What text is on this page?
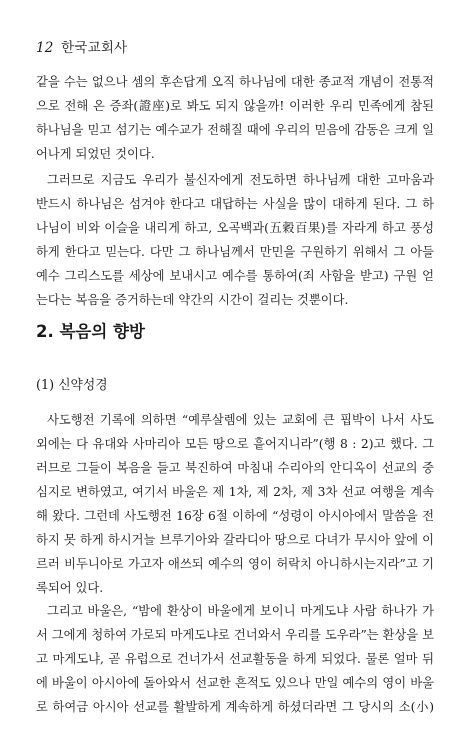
12 한국교회사
같을 수는 없으나 셈의 후손답게 오직 하나님에 대한 종교적 개념이 전통적
으로 전해 온 증좌(證座)로 봐도 되지 않을까! 이러한 우리 민족에게 참된
하나님을 믿고 섬기는 예수교가 전해질 때에 우리의 믿음에 감동은 크게 일
어나게 되었던 것이다.
그러므로 지금도 우리가 불신자에게 전도하면 하나님께 대한 고마움과
반드시 하나님은 섬겨야 한다고 대답하는 사실을 많이 대하게 된다. 그 하
나님이 비와 이슬을 내리게 하고, 오곡백과(五穀百果)를 자라게 하고 풍성
하게 한다고 믿는다. 다만 그 하나님께서 만민을 구원하기 위해서 그 아들
예수 그리스도를 세상에 보내시고 예수를 통하여(죄 사함을 받고) 구원 얻
는다는 복음을 증거하는데 약간의 시간이 걸리는 것뿐이다.
2. 복음의 향방
(1) 신약성경
사도행전 기록에 의하면 “예루살렘에 있는 교회에 큰 핍박이 나서 사도
외에는 다 유대와 사마리아 모든 땅으로 흩어지니라”(행 8 : 2)고 했다. 그
러므로 그들이 복음을 들고 북진하여 마침내 수리아의 안디옥이 선교의 중
심지로 변하였고, 여기서 바울은 제 1차, 제 2차, 제 3차 선교 여행을 계속
해 왔다. 그런데 사도행전 16장 6절 이하에 “성령이 아시아에서 말씀을 전
하지 못 하게 하시거늘 브루기아와 갈라디아 땅으로 다녀가 무시아 앞에 이
르러 비두니아로 가고자 애쓰되 예수의 영이 허락치 아니하시는지라”고 기
록되어 있다.
그리고 바울은, “밤에 환상이 바울에게 보이니 마게도냐 사람 하나가 가
서 그에게 청하여 가로되 마게도냐로 건너와서 우리를 도우라”는 환상을 보
고 마게도냐, 곧 유럽으로 건너가서 선교활동을 하게 되었다. 물론 얼마 뒤
에 바울이 아시아에 돌아와서 선교한 흔적도 있으나 만일 예수의 영이 바울
로 하여금 아시아 선교를 활발하게 계속하게 하셨더라면 그 당시의 소(小)
